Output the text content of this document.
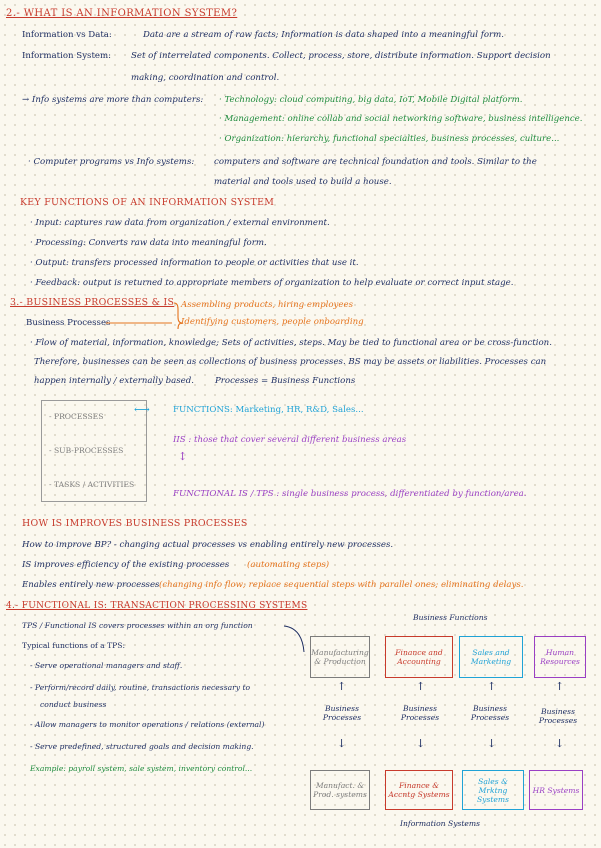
2.- WHAT IS AN INFORMATION SYSTEM?
Information vs Data:	Data are a stream of raw facts; Information is data shaped into a meaningful form.
Information System: Set of interrelated components. Collect, process, store, distribute information. Support decision
making, coordination and control.
→ Info systems are more than computers: · Technology: cloud computing, big data, IoT, Mobile Digital platform.
· Management: online collab and social networking software, business intelligence.
· Organization: hierarchy, functional specialties, business processes, culture...
· Computer programs vs Info systems: computers and software are technical foundation and tools. Similar to the
material and tools used to build a house.
KEY FUNCTIONS OF AN INFORMATION SYSTEM
· Input: captures raw data from organization / external environment.
· Processing: Converts raw data into meaningful form.
· Output: transfers processed information to people or activities that use it.
· Feedback: output is returned to appropriate members of organization to help evaluate or correct input stage.
3.- BUSINESS PROCESSES & IS
Business Processes
Assembling products, hiring employees
Identifying customers, people onboarding
· Flow of material, information, knowledge; Sets of activities, steps. May be tied to functional area or be cross-function.
Therefore, businesses can be seen as collections of business processes. BS may be assets or liabilities. Processes can
happen internally / externally based. Processes = Business Functions
- PROCESSES
- SUB-PROCESSES
- TASKS / ACTIVITIES
⟷	FUNCTIONS: Marketing, HR, R&D, Sales...
IIS : those that cover several different business areas
↕
FUNCTIONAL IS / TPS : single business process, differentiated by function/area.
HOW IS IMPROVES BUSINESS PROCESSES
How to improve BP? - changing actual processes vs enabling entirely new processes.
IS improves efficiency of the existing processes (automating steps)
Enables entirely new processes (changing info flow; replace sequential steps with parallel ones; eliminating delays.
4.- FUNCTIONAL IS: TRANSACTION PROCESSING SYSTEMS
TPS / Functional IS covers processes within an org function
Typical functions of a TPS:
- Serve operational managers and staff.
- Perform/record daily, routine, transactions necessary to
conduct business
- Allow managers to monitor operations / relations (external)
- Serve predefined, structured goals and decision making.
Example: payroll system, sale system, inventory control...
Business Functions
Manufacturing & Production
Finance and Accounting
Sales and Marketing
Human Resources
↑	↑	↑	↑
Business Processes
Business Processes
Business Processes
Business Processes
↓	↓	↓	↓
Manufact. & Prod. systems
Finance & Accntg Systems
Sales & Mrktng Systems
HR Systems
Information Systems
